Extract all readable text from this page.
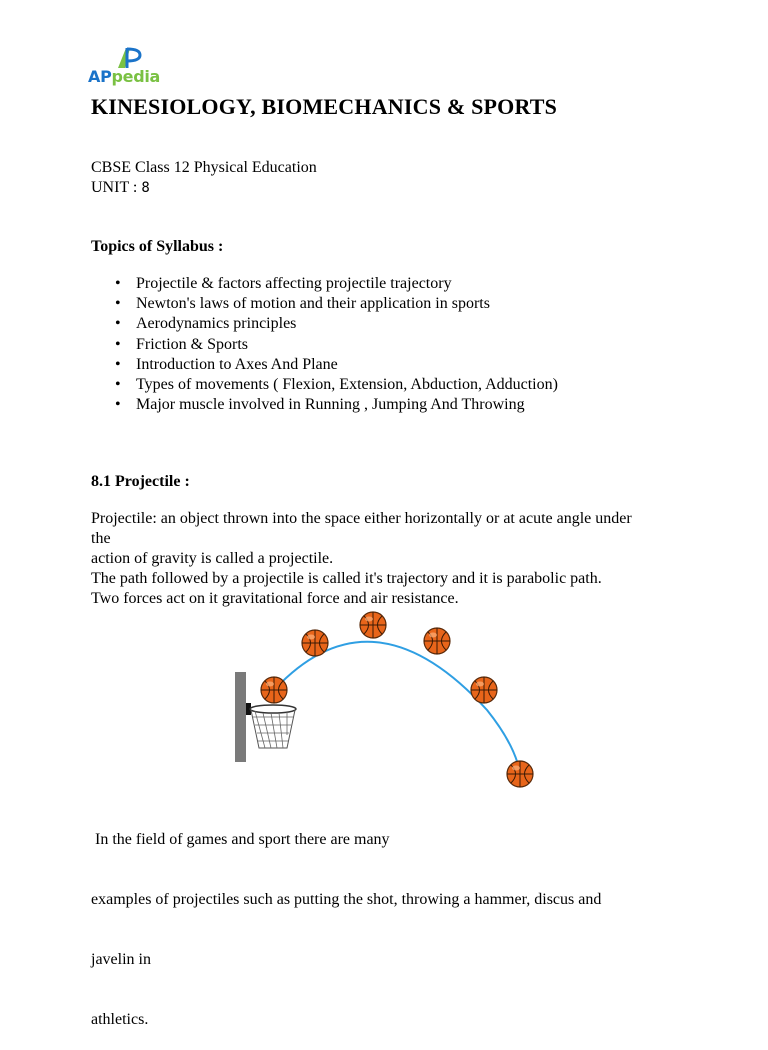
APpedia
KINESIOLOGY, BIOMECHANICS & SPORTS
CBSE Class 12 Physical Education
UNIT : 8
Topics of Syllabus :
• Projectile & factors affecting projectile trajectory
• Newton's laws of motion and their application in sports
• Aerodynamics principles
• Friction & Sports
• Introduction to Axes And Plane
• Types of movements ( Flexion, Extension, Abduction, Adduction)
• Major muscle involved in Running , Jumping And Throwing
8.1 Projectile :
Projectile: an object thrown into the space either horizontally or at acute angle under
the
action of gravity is called a projectile.
The path followed by a projectile is called it's trajectory and it is parabolic path.
Two forces act on it gravitational force and air resistance.

In the field of games and sport there are many

examples of projectiles such as putting the shot, throwing a hammer, discus and

javelin in

athletics.
